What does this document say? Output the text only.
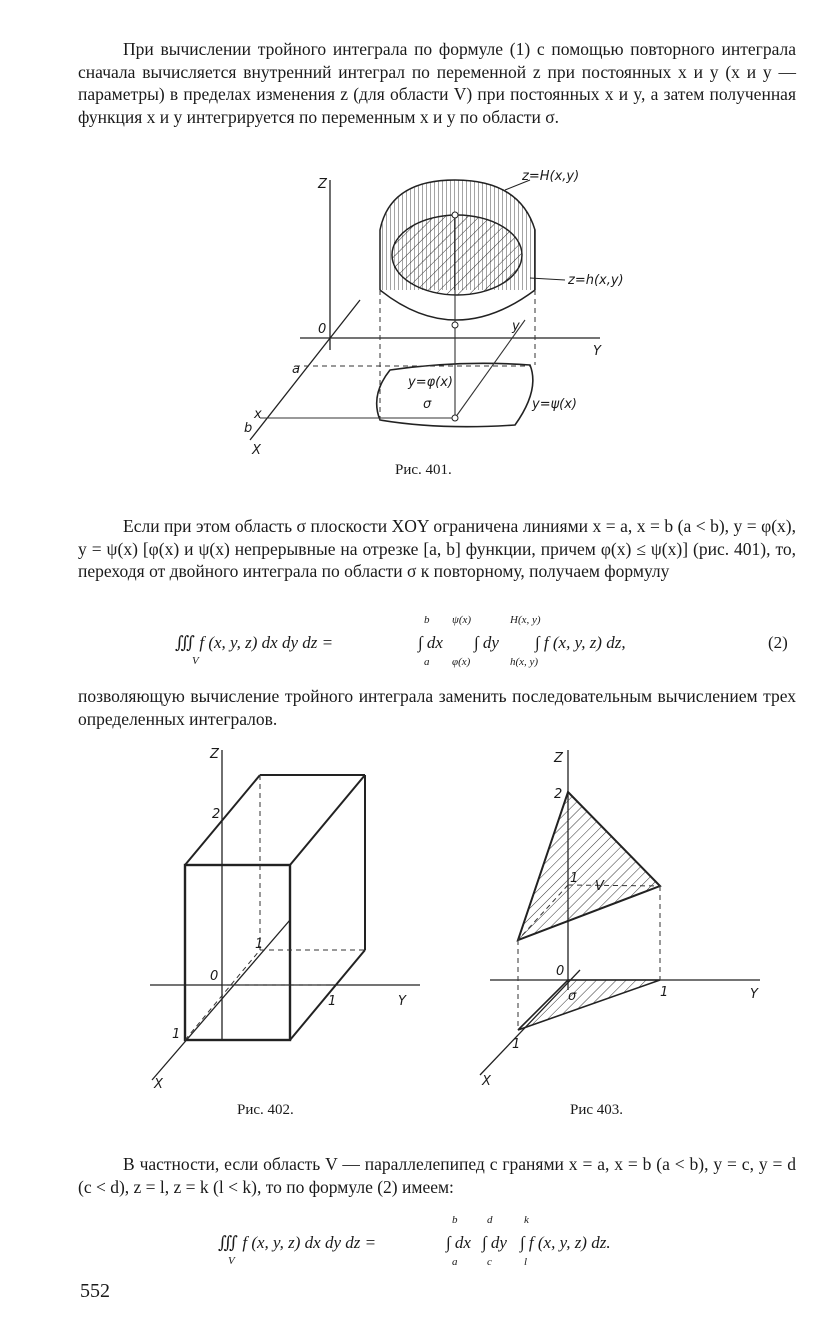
При вычислении тройного интеграла по формуле (1) с помощью повторного интеграла сначала вычисляется внутренний интеграл по переменной z при постоянных x и y (x и y — параметры) в пределах изменения z (для области V) при постоянных x и y, а затем полученная функция x и y интегрируется по переменным x и y по области σ.
Z
Y
X
0
a
b
x
y
σ
z=H(x,y)
z=h(x,y)
y=φ(x)
y=ψ(x)
Рис. 401.
Если при этом область σ плоскости XOY ограничена линиями x = a, x = b (a < b), y = φ(x), y = ψ(x) [φ(x) и ψ(x) непрерывные на отрезке [a, b] функции, причем φ(x) ≤ ψ(x)] (рис. 401), то, переходя от двойного интеграла по области σ к повторному, получаем формулу
∭ f (x, y, z) dx dy dz =
V
∫ dx
b
a
∫ dy
ψ(x)
φ(x)
∫ f (x, y, z) dz,
H(x, y)
h(x, y)
(2)
позволяющую вычисление тройного интеграла заменить последовательным вычислением трех определенных интегралов.
Z
Y
X
0
2
1
1
1
Рис. 402.
Z
Y
X
0
2
1
1
1
V
σ
Рис 403.
В частности, если область V — параллелепипед с гранями x = a, x = b (a < b), y = c, y = d (c < d), z = l, z = k (l < k), то по формуле (2) имеем:
∭ f (x, y, z) dx dy dz =
V
∫ dx
b
a
∫ dy
d
c
∫ f (x, y, z) dz.
k
l
552
